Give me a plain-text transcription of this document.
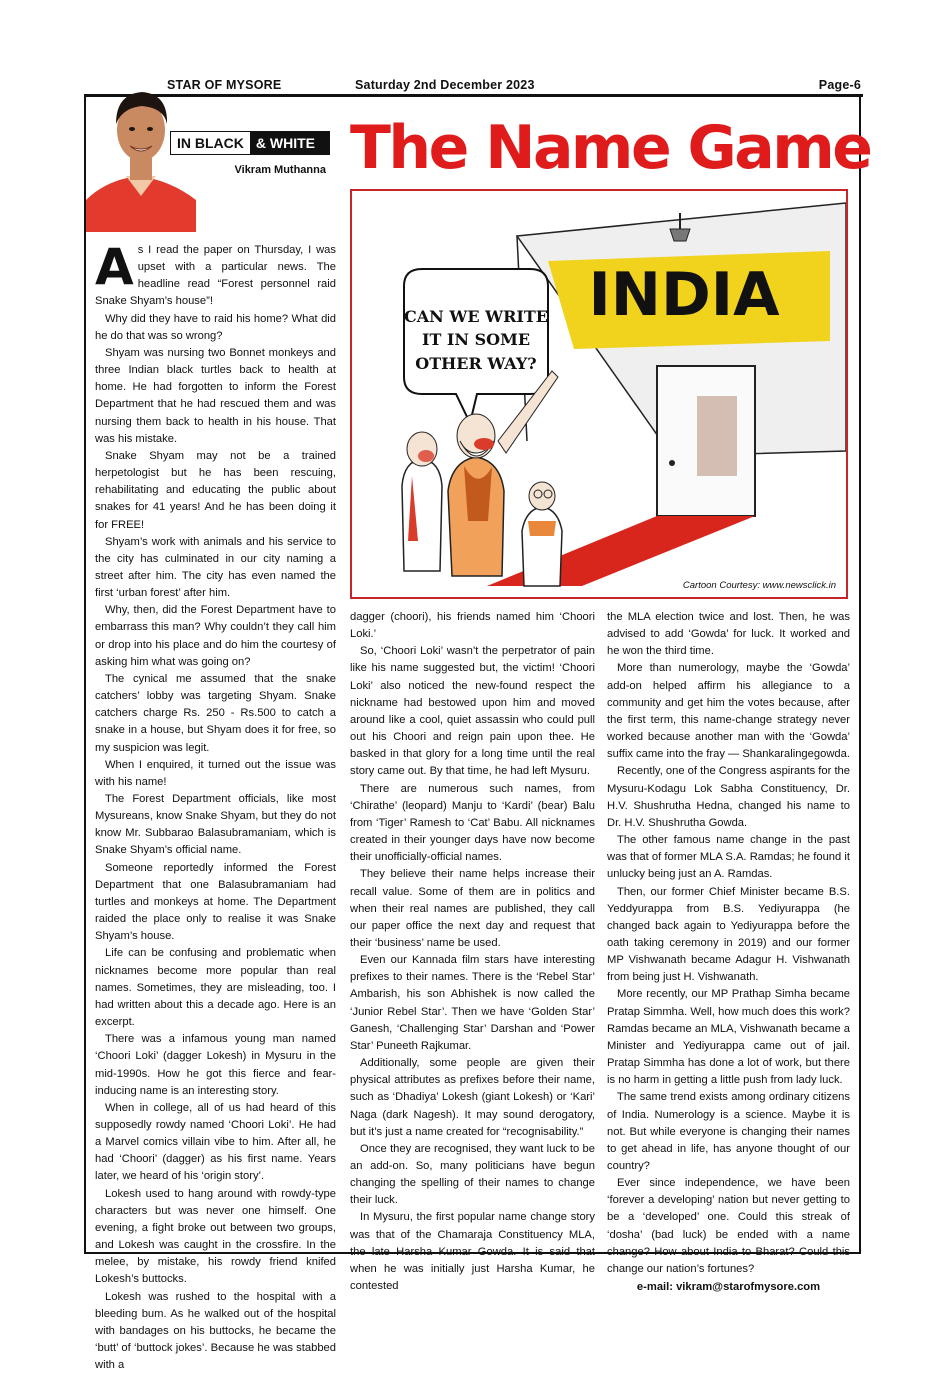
STAR OF MYSORE	Saturday 2nd December 2023	Page-6
IN BLACK & WHITE
Vikram Muthanna The Name Game
INDIA
CAN WE WRITE
IT IN SOME
OTHER WAY?
Cartoon Courtesy: www.newsclick.in

As I read the paper on Thursday, I was upset with a particular news. The headline read “Forest personnel raid Snake Shyam’s house”!

Why did they have to raid his home? What did he do that was so wrong?

Shyam was nursing two Bonnet monkeys and three Indian black turtles back to health at home. He had forgotten to inform the Forest Department that he had rescued them and was nursing them back to health in his house. That was his mistake.

Snake Shyam may not be a trained herpetologist but he has been rescuing, rehabilitating and educating the public about snakes for 41 years! And he has been doing it for FREE!

Shyam’s work with animals and his service to the city has culminated in our city naming a street after him. The city has even named the first ‘urban forest’ after him.

Why, then, did the Forest Department have to embarrass this man? Why couldn’t they call him or drop into his place and do him the courtesy of asking him what was going on?

The cynical me assumed that the snake catchers’ lobby was targeting Shyam. Snake catchers charge Rs. 250 - Rs.500 to catch a snake in a house, but Shyam does it for free, so my suspicion was legit.

When I enquired, it turned out the issue was with his name!

The Forest Department officials, like most Mysureans, know Snake Shyam, but they do not know Mr. Subbarao Balasubramaniam, which is Snake Shyam’s official name.

Someone reportedly informed the Forest Department that one Balasubramaniam had turtles and monkeys at home. The Department raided the place only to realise it was Snake Shyam’s house.

Life can be confusing and problematic when nicknames become more popular than real names. Sometimes, they are misleading, too. I had written about this a decade ago. Here is an excerpt.

There was a infamous young man named ‘Choori Loki’ (dagger Lokesh) in Mysuru in the mid-1990s. How he got this fierce and fear-inducing name is an interesting story.

When in college, all of us had heard of this supposedly rowdy named ‘Choori Loki’. He had a Marvel comics villain vibe to him. After all, he had ‘Choori’ (dagger) as his first name. Years later, we heard of his ‘origin story’.

Lokesh used to hang around with rowdy-type characters but was never one himself. One evening, a fight broke out between two groups, and Lokesh was caught in the crossfire. In the melee, by mistake, his rowdy friend knifed Lokesh’s buttocks.

Lokesh was rushed to the hospital with a bleeding bum. As he walked out of the hospital with bandages on his buttocks, he became the ‘butt’ of ‘buttock jokes’. Because he was stabbed with a

dagger (choori), his friends named him ‘Choori Loki.’

So, ‘Choori Loki’ wasn’t the perpetrator of pain like his name suggested but, the victim! ‘Choori Loki’ also noticed the new-found respect the nickname had bestowed upon him and moved around like a cool, quiet assassin who could pull out his Choori and reign pain upon thee. He basked in that glory for a long time until the real story came out. By that time, he had left Mysuru.

There are numerous such names, from ‘Chirathe’ (leopard) Manju to ‘Kardi’ (bear) Balu from ‘Tiger’ Ramesh to ‘Cat’ Babu. All nicknames created in their younger days have now become their unofficially-official names.

They believe their name helps increase their recall value. Some of them are in politics and when their real names are published, they call our paper office the next day and request that their ‘business’ name be used.

Even our Kannada film stars have interesting prefixes to their names. There is the ‘Rebel Star’ Ambarish, his son Abhishek is now called the ‘Junior Rebel Star’. Then we have ‘Golden Star’ Ganesh, ‘Challenging Star’ Darshan and ‘Power Star’ Puneeth Rajkumar.

Additionally, some people are given their physical attributes as prefixes before their name, such as ‘Dhadiya’ Lokesh (giant Lokesh) or ‘Kari’ Naga (dark Nagesh). It may sound derogatory, but it’s just a name created for “recognisability.”

Once they are recognised, they want luck to be an add-on. So, many politicians have begun changing the spelling of their names to change their luck.

In Mysuru, the first popular name change story was that of the Chamaraja Constituency MLA, the late Harsha Kumar Gowda. It is said that when he was initially just Harsha Kumar, he contested

the MLA election twice and lost. Then, he was advised to add ‘Gowda’ for luck. It worked and he won the third time.

More than numerology, maybe the ‘Gowda’ add-on helped affirm his allegiance to a community and get him the votes because, after the first term, this name-change strategy never worked because another man with the ‘Gowda’ suffix came into the fray — Shankaralingegowda.

Recently, one of the Congress aspirants for the Mysuru-Kodagu Lok Sabha Constituency, Dr. H.V. Shushrutha Hedna, changed his name to Dr. H.V. Shushrutha Gowda.

The other famous name change in the past was that of former MLA S.A. Ramdas; he found it unlucky being just an A. Ramdas.

Then, our former Chief Minister became B.S. Yeddyurappa from B.S. Yediyurappa (he changed back again to Yediyurappa before the oath taking ceremony in 2019) and our former MP Vishwanath became Adagur H. Vishwanath from being just H. Vishwanath.

More recently, our MP Prathap Simha became Pratap Simmha. Well, how much does this work? Ramdas became an MLA, Vishwanath became a Minister and Yediyurappa came out of jail. Pratap Simmha has done a lot of work, but there is no harm in getting a little push from lady luck.

The same trend exists among ordinary citizens of India. Numerology is a science. Maybe it is not. But while everyone is changing their names to get ahead in life, has anyone thought of our country?

Ever since independence, we have been ‘forever a developing’ nation but never getting to be a ‘developed’ one. Could this streak of ‘dosha’ (bad luck) be ended with a name change? How about India to Bharat? Could this change our nation’s fortunes?

e-mail: vikram@starofmysore.com
